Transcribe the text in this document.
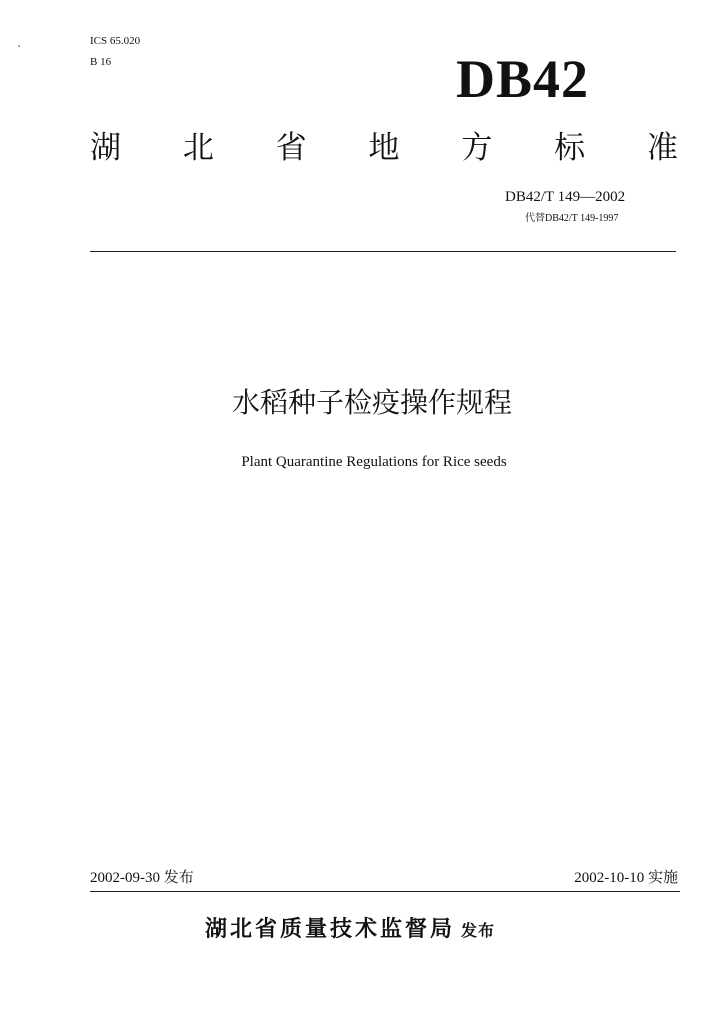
`
ICS 65.020
B 16	DB42
湖 北 省 地 方 标 准
DB42/T 149—2002
代替DB42/T 149-1997
水稻种子检疫操作规程
Plant Quarantine Regulations for Rice seeds
2002-09-30 发布	2002-10-10 实施
湖北省质量技术监督局 发布
